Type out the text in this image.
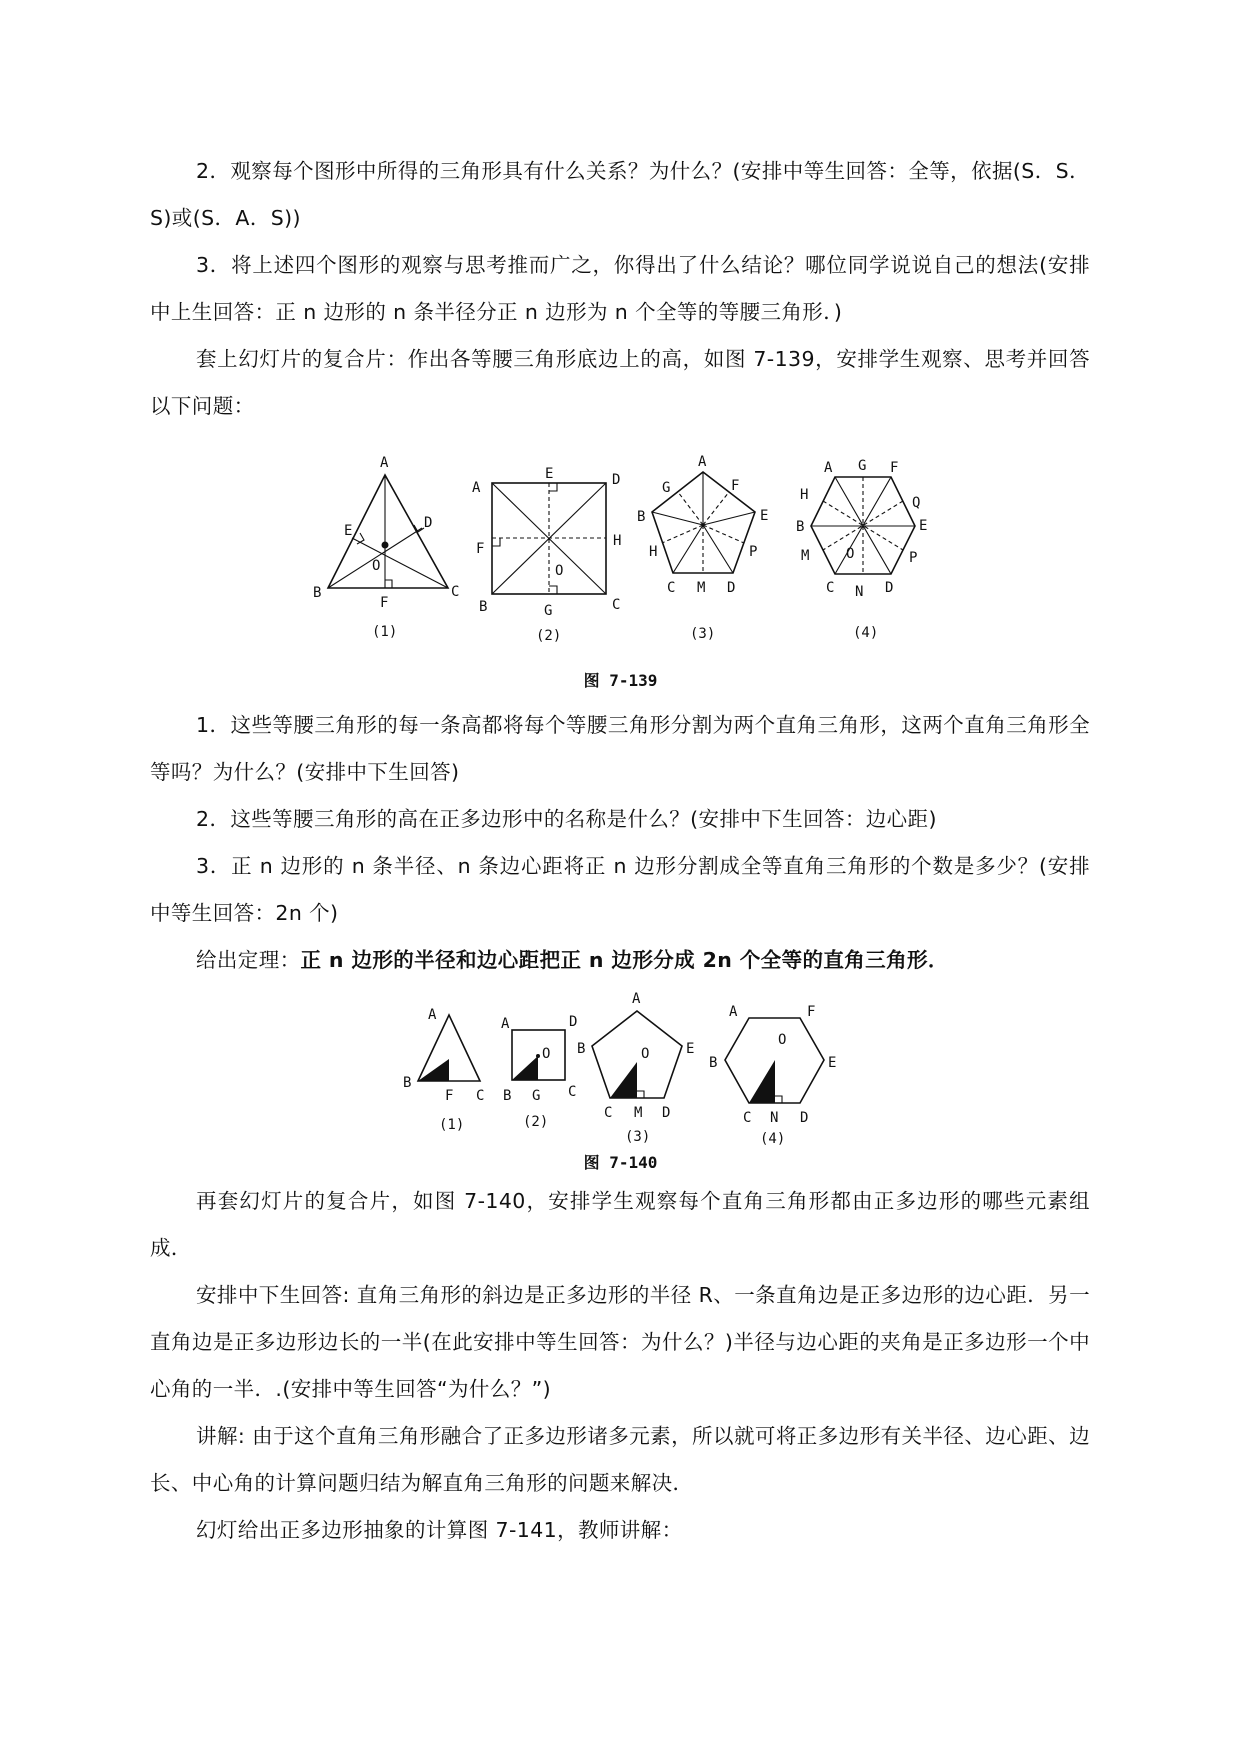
2．观察每个图形中所得的三角形具有什么关系？为什么？(安排中等生回答：全等，依据(S．S．S)或(S．A．S))
3．将上述四个图形的观察与思考推而广之，你得出了什么结论？哪位同学说说自己的想法(安排中上生回答：正 n 边形的 n 条半径分正 n 边形为 n 个全等的等腰三角形．)
套上幻灯片的复合片：作出各等腰三角形底边上的高，如图 7-139，安排学生观察、思考并回答以下问题：
A
B	C
E	D
O
F
(1)
A
E	D
F	H
O
B	G	C
(2)
A
G	F
B	E
H	P
C M D
(3)
A G F
H	Q
B	E
M	P
O
C N D
(4)
图 7-139
1．这些等腰三角形的每一条高都将每个等腰三角形分割为两个直角三角形，这两个直角三角形全等吗？为什么？(安排中下生回答)
2．这些等腰三角形的高在正多边形中的名称是什么？(安排中下生回答：边心距)
3．正 n 边形的 n 条半径、n 条边心距将正 n 边形分割成全等直角三角形的个数是多少？(安排中等生回答：2n 个)
给出定理：正 n 边形的半径和边心距把正 n 边形分成 2n 个全等的直角三角形．
A
B
F C
(1)
A	D
O
B G C
(2)
A
B	E
O
C M D
(3)
A	F
B	E
O
C N D
(4)
图 7-140
再套幻灯片的复合片，如图 7-140，安排学生观察每个直角三角形都由正多边形的哪些元素组成．
安排中下生回答: 直角三角形的斜边是正多边形的半径 R、一条直角边是正多边形的边心距．另一直角边是正多边形边长的一半(在此安排中等生回答：为什么？)半径与边心距的夹角是正多边形一个中心角的一半．.(安排中等生回答“为什么？”)
讲解: 由于这个直角三角形融合了正多边形诸多元素，所以就可将正多边形有关半径、边心距、边长、中心角的计算问题归结为解直角三角形的问题来解决．
幻灯给出正多边形抽象的计算图 7-141，教师讲解：
